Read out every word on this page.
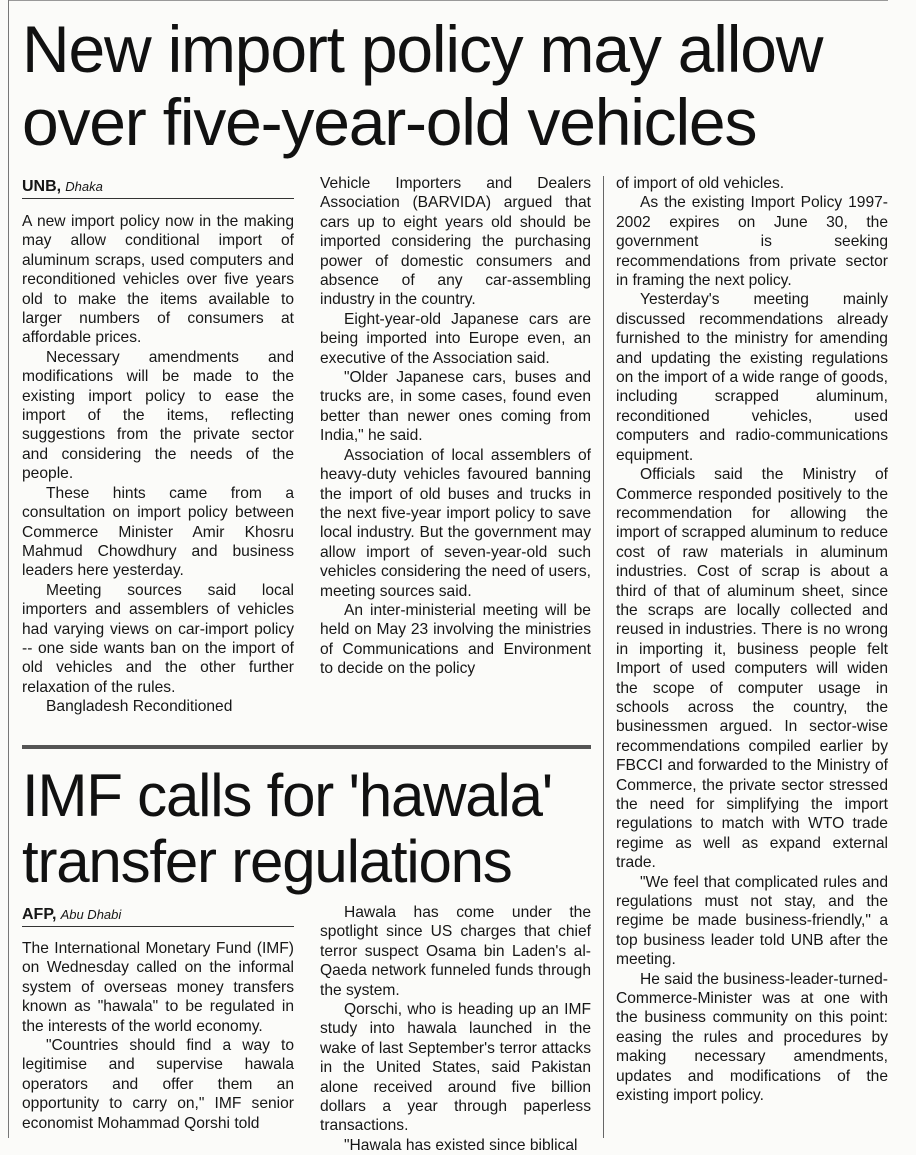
New import policy may allow
over five-year-old vehicles
UNB, Dhaka

A new import policy now in the making may allow conditional import of aluminum scraps, used computers and reconditioned vehicles over five years old to make the items available to larger numbers of consumers at affordable prices.

Necessary amendments and modifications will be made to the existing import policy to ease the import of the items, reflecting suggestions from the private sector and considering the needs of the people.

These hints came from a consultation on import policy between Commerce Minister Amir Khosru Mahmud Chowdhury and business leaders here yesterday.

Meeting sources said local importers and assemblers of vehicles had varying views on car-import policy -- one side wants ban on the import of old vehicles and the other further relaxation of the rules.

Bangladesh Reconditioned

Vehicle Importers and Dealers Association (BARVIDA) argued that cars up to eight years old should be imported considering the purchasing power of domestic consumers and absence of any car-assembling industry in the country.

Eight-year-old Japanese cars are being imported into Europe even, an executive of the Association said.

"Older Japanese cars, buses and trucks are, in some cases, found even better than newer ones coming from India," he said.

Association of local assemblers of heavy-duty vehicles favoured banning the import of old buses and trucks in the next five-year import policy to save local industry. But the government may allow import of seven-year-old such vehicles considering the need of users, meeting sources said.

An inter-ministerial meeting will be held on May 23 involving the ministries of Communications and Environment to decide on the policy

of import of old vehicles.

As the existing Import Policy 1997-2002 expires on June 30, the government is seeking recommendations from private sector in framing the next policy.

Yesterday's meeting mainly discussed recommendations already furnished to the ministry for amending and updating the existing regulations on the import of a wide range of goods, including scrapped aluminum, reconditioned vehicles, used computers and radio-communications equipment.

Officials said the Ministry of Commerce responded positively to the recommendation for allowing the import of scrapped aluminum to reduce cost of raw materials in aluminum industries. Cost of scrap is about a third of that of aluminum sheet, since the scraps are locally collected and reused in industries. There is no wrong in importing it, business people felt Import of used computers will widen the scope of computer usage in schools across the country, the businessmen argued. In sector-wise recommendations compiled earlier by FBCCI and forwarded to the Ministry of Commerce, the private sector stressed the need for simplifying the import regulations to match with WTO trade regime as well as expand external trade.

"We feel that complicated rules and regulations must not stay, and the regime be made business-friendly," a top business leader told UNB after the meeting.

He said the business-leader-turned-Commerce-Minister was at one with the business community on this point: easing the rules and procedures by making necessary amendments, updates and modifications of the existing import policy.

IMF calls for 'hawala'
transfer regulations
AFP, Abu Dhabi

The International Monetary Fund (IMF) on Wednesday called on the informal system of overseas money transfers known as "hawala" to be regulated in the interests of the world economy.

"Countries should find a way to legitimise and supervise hawala operators and offer them an opportunity to carry on," IMF senior economist Mohammad Qorshi told

Hawala has come under the spotlight since US charges that chief terror suspect Osama bin Laden's al-Qaeda network funneled funds through the system.

Qorschi, who is heading up an IMF study into hawala launched in the wake of last September's terror attacks in the United States, said Pakistan alone received around five billion dollars a year through paperless transactions.

"Hawala has existed since biblical
